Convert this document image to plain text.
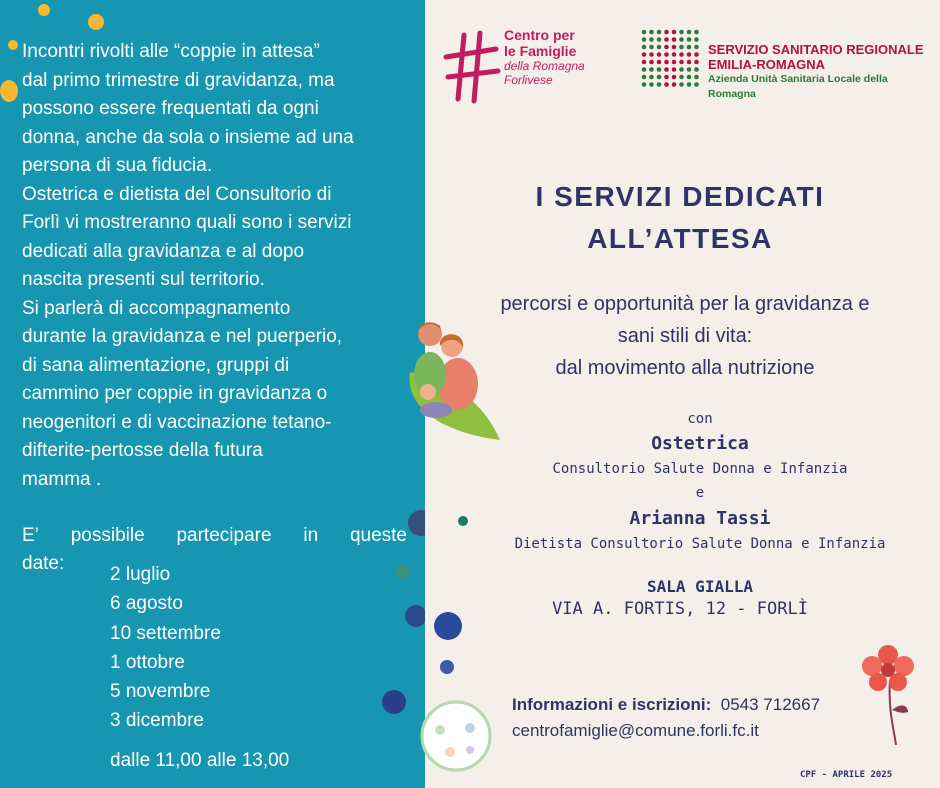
Incontri rivolti alle “coppie in attesa”
dal primo trimestre di gravidanza, ma
possono essere frequentati da ogni
donna, anche da sola o insieme ad una
persona di sua fiducia.
Ostetrica e dietista del Consultorio di
Forlì vi mostreranno quali sono i servizi
dedicati alla gravidanza e al dopo
nascita presenti sul territorio.
Si parlerà di accompagnamento
durante la gravidanza e nel puerperio,
di sana alimentazione, gruppi di
cammino per coppie in gravidanza o
neogenitori e di vaccinazione tetano-
difterite-pertosse della futura
mamma .
E’ possibile partecipare in queste
date:
2 luglio
6 agosto
10 settembre
1 ottobre
5 novembre
3 dicembre
dalle 11,00 alle 13,00
Centro per
le Famiglie
della Romagna
Forlivese
SERVIZIO SANITARIO REGIONALE
EMILIA-ROMAGNA
Azienda Unità Sanitaria Locale della Romagna
I SERVIZI DEDICATI
ALL’ATTESA
percorsi e opportunità per la gravidanza e
sani stili di vita:
dal movimento alla nutrizione
con
Ostetrica
Consultorio Salute Donna e Infanzia
e
Arianna Tassi
Dietista Consultorio Salute Donna e Infanzia
SALA GIALLA
VIA A. FORTIS, 12 - FORLÌ
Informazioni e iscrizioni: 0543 712667
centrofamiglie@comune.forli.fc.it
CPF - APRILE 2025
